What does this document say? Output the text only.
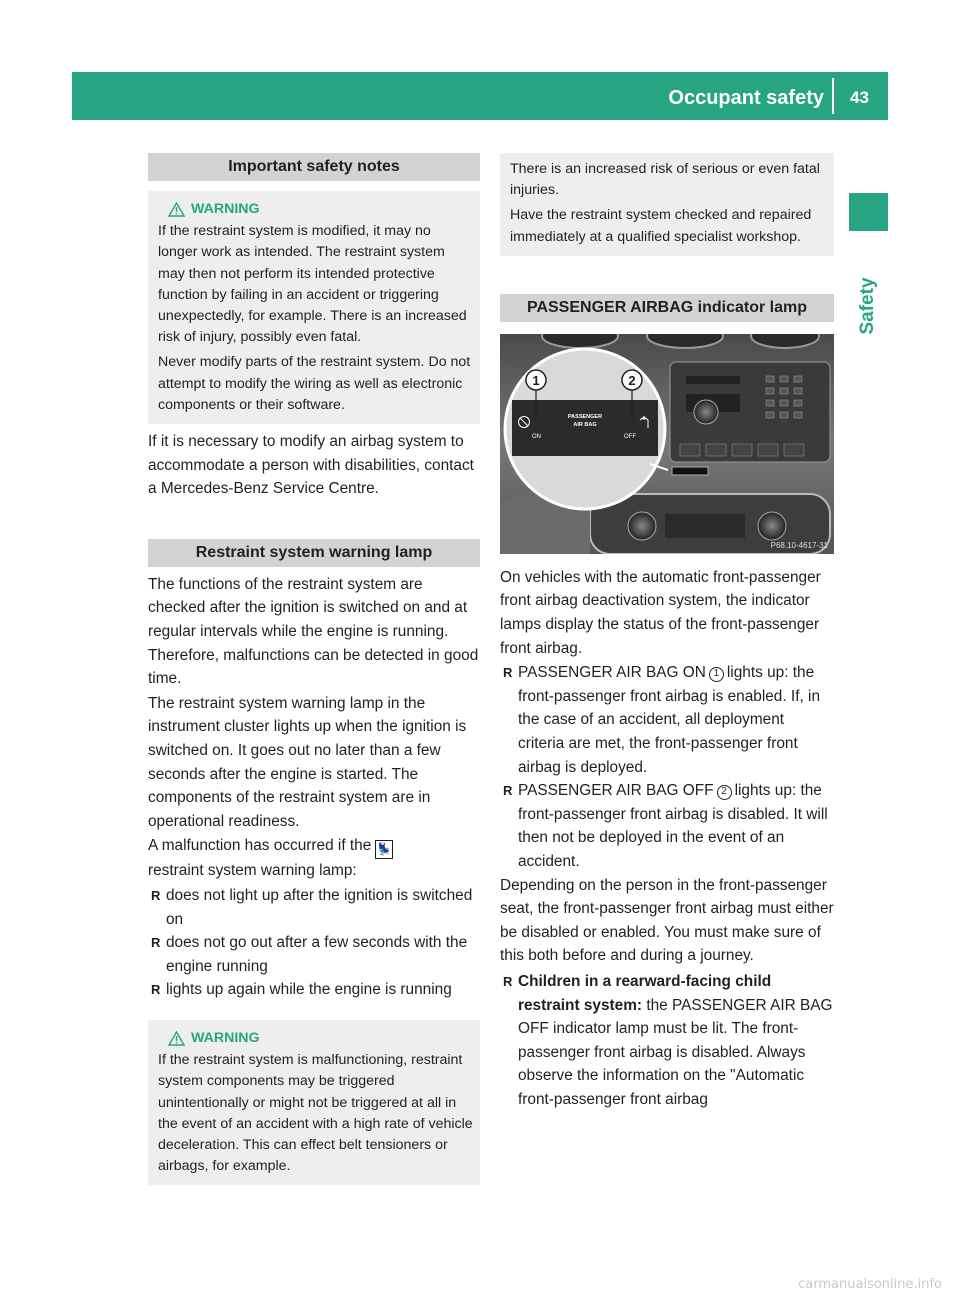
Occupant safety 43
Safety
Important safety notes
WARNING

If the restraint system is modified, it may no longer work as intended. The restraint system may then not perform its intended protective function by failing in an accident or triggering unexpectedly, for example. There is an increased risk of injury, possibly even fatal.

Never modify parts of the restraint system. Do not attempt to modify the wiring as well as electronic components or their software.

If it is necessary to modify an airbag system to accommodate a person with disabilities, contact a Mercedes-Benz Service Centre.

Restraint system warning lamp

The functions of the restraint system are checked after the ignition is switched on and at regular intervals while the engine is running. Therefore, malfunctions can be detected in good time.

The restraint system warning lamp in the instrument cluster lights up when the ignition is switched on. It goes out no later than a few seconds after the engine is started. The components of the restraint system are in operational readiness.

A malfunction has occurred if the 💺
restraint system warning lamp:

R does not light up after the ignition is switched on
R does not go out after a few seconds with the engine running
R lights up again while the engine is running
WARNING

If the restraint system is malfunctioning, restraint system components may be triggered unintentionally or might not be triggered at all in the event of an accident with a high rate of vehicle deceleration. This can effect belt tensioners or airbags, for example.

There is an increased risk of serious or even fatal injuries.

Have the restraint system checked and repaired immediately at a qualified specialist workshop.

PASSENGER AIRBAG indicator lamp
ON
PASSENGER
AIR BAG
OFF
1	2
P68.10-4617-31

On vehicles with the automatic front-passenger front airbag deactivation system, the indicator lamps display the status of the front-passenger front airbag.

R PASSENGER AIR BAG ON 1 lights up: the front-passenger front airbag is enabled. If, in the case of an accident, all deployment criteria are met, the front-passenger front airbag is deployed.
R PASSENGER AIR BAG OFF 2 lights up: the front-passenger front airbag is disabled. It will then not be deployed in the event of an accident.

Depending on the person in the front-passenger seat, the front-passenger front airbag must either be disabled or enabled. You must make sure of this both before and during a journey.

R Children in a rearward-facing child restraint system: the PASSENGER AIR BAG OFF indicator lamp must be lit. The front-passenger front airbag is disabled. Always observe the information on the "Automatic front-passenger front airbag
carmanualsonline.info
